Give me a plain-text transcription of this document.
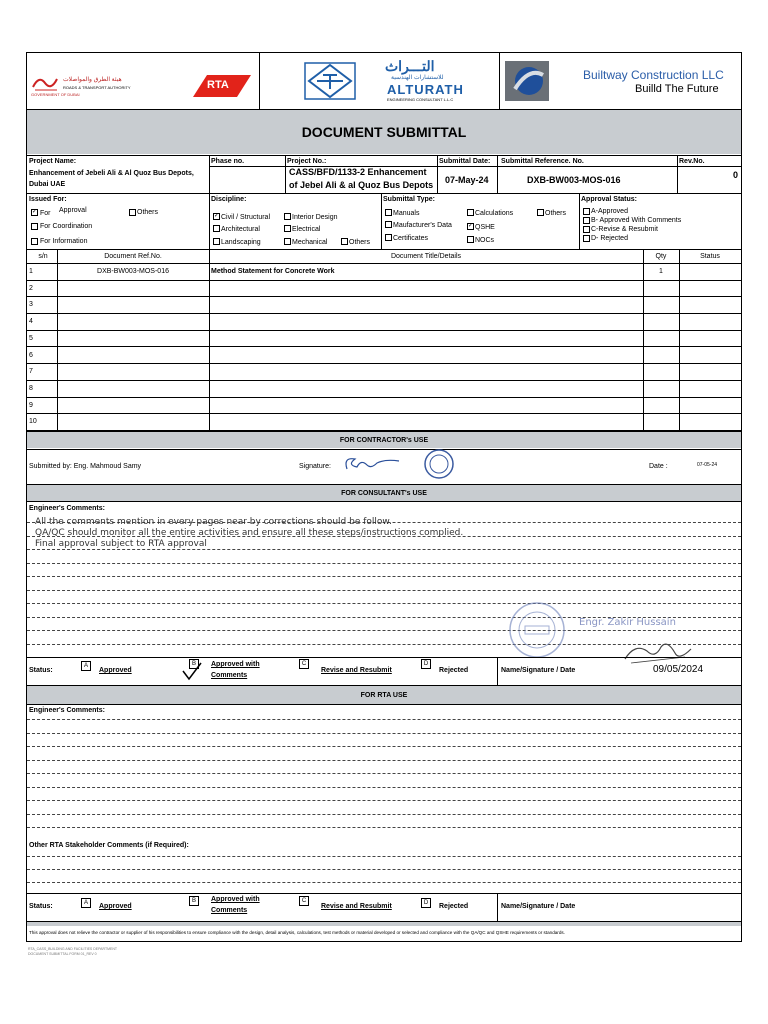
هيئة الطرق والمواصلات
ROADS & TRANSPORT AUTHORITY
GOVERNMENT OF DUBAI
RTA
التـــراث
للاستشارات الهندسية
ALTURATH
ENGINEERING CONSULTANT L.L.C
Builtway Construction LLC
Builld The Future
DOCUMENT SUBMITTAL
Project Name:
Enhancement of Jebeli Ali & Al Quoz Bus Depots,
Dubai UAE
Phase no.	Project No.:
CASS/BFD/1133-2 Enhancement
of Jebel Ali & al Quoz Bus Depots
Submittal Date:
07-May-24
Submittal Reference. No.
DXB-BW003-MOS-016
Rev.No.
0
Issued For:
✓ For Approval	Others
For Coordination
For Information
Discipline:
✓ Civil / Structural	Interior Design
Architectural	Electrical
Landscaping	Mechanical	Others
Submittal Type:
Manuals	Calculations	Others
Maufacturer's Data	✓ QSHE
Certificates	NOCs
Approval Status:
A-Approved
B- Approved With Comments
C-Revise & Resubmit
D- Rejected
s/n	Document Ref.No.	Document Title/Details	Qty	Status
1	DXB-BW003-MOS-016	Method Statement for Concrete Work	1
2
3
4
5
6
7
8
9
10
FOR CONTRACTOR's USE
Submitted by: Eng. Mahmoud Samy	Signature:	Date :	07-05-24
FOR CONSULTANT's USE
Engineer's Comments:
All the comments mention in every pages near by corrections should be follow.
QA/QC should monitor all the entire activities and ensure all these steps/instructions complied.
Final approval subject to RTA approval
Engr. Zakir Hussain
Status:
A
Approved
B	Approved with
Comments
C
Revise and Resubmit
D
Rejected	Name/Signature / Date	09/05/2024
FOR RTA USE
Engineer's Comments:
Other RTA Stakeholder Comments (if Required):
Status:	A	Approved
B	Approved with
Comments
C
Revise and Resubmit	D	Rejected	Name/Signature / Date
This approval does not relieve the contractor or supplier of his responsibilities to ensure compliance with the design, detail analysis, calculations, test methods or material developed or selected and compliance with the QA/QC and QSHE requirements or standards.
RTA_CASS_BUILDING AND FACILITIES DEPARTMENT
DOCUMENT SUBMITTAL FORM 01_REV 0
